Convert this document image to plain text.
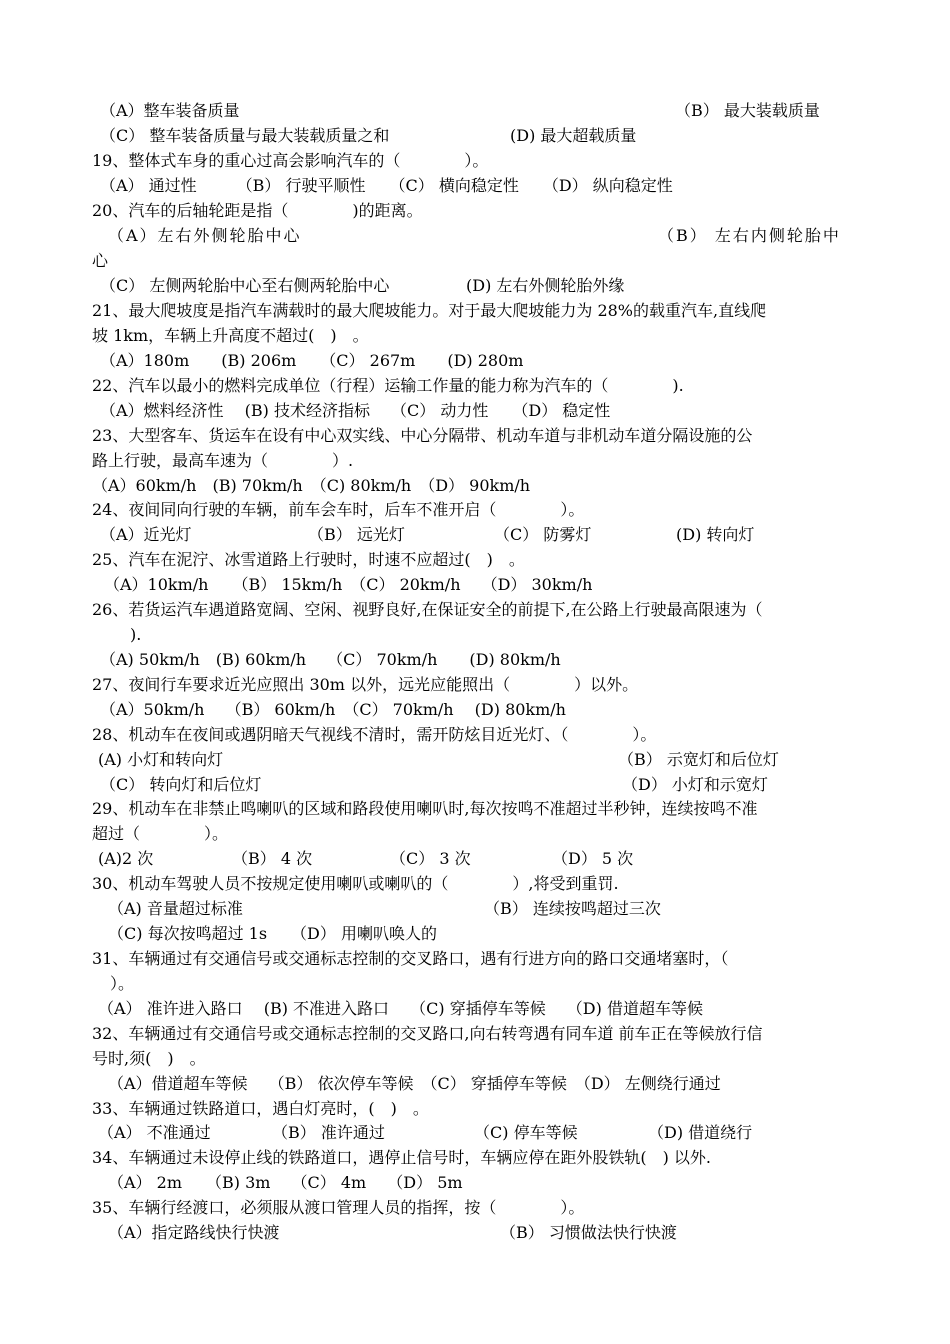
（A）整车装备质量	（B） 最大装载质量
（C） 整车装备质量与最大装载质量之和	(D) 最大超载质量
19、整体式车身的重心过高会影响汽车的（　　　　）。
（A） 通过性　　　（B） 行驶平顺性　　（C） 横向稳定性　　（D） 纵向稳定性
20、汽车的后轴轮距是指（　　　　)的距离。
（A）左右外侧轮胎中心	（B） 左右内侧轮胎中
心
（C） 左侧两轮胎中心至右侧两轮胎中心	(D) 左右外侧轮胎外缘
21、最大爬坡度是指汽车满载时的最大爬坡能力。对于最大爬坡能力为 28%的载重汽车,直线爬
坡 1km，车辆上升高度不超过(　)　。
（A）180m　　(B) 206m　　（C） 267m　　(D) 280m
22、汽车以最小的燃料完成单位（行程）运输工作量的能力称为汽车的（　　　　).
（A）燃料经济性　 (B) 技术经济指标　 （C） 动力性　　（D） 稳定性
23、大型客车、货运车在设有中心双实线、中心分隔带、机动车道与非机动车道分隔设施的公
路上行驶，最高车速为（　　　　）.
（A）60km/h　(B) 70km/h　（C) 80km/h　（D） 90km/h
24、夜间同向行驶的车辆，前车会车时，后车不准开启（　　　　）。
（A）近光灯	（B） 远光灯	（C） 防雾灯	(D) 转向灯
25、汽车在泥泞、冰雪道路上行驶时，时速不应超过(　)　。
（A）10km/h　　（B） 15km/h　（C） 20km/h　 （D） 30km/h
26、若货运汽车遇道路宽阔、空闲、视野良好,在保证安全的前提下,在公路上行驶最高限速为（
).
（A) 50km/h　(B) 60km/h　 （C） 70km/h　　(D) 80km/h
27、夜间行车要求近光应照出 30m 以外，远光应能照出（　　　　）以外。
（A）50km/h　 （B） 60km/h　（C） 70km/h　 (D) 80km/h
28、机动车在夜间或遇阴暗天气视线不清时，需开防炫目近光灯、（　　　　）。
(A) 小灯和转向灯	（B） 示宽灯和后位灯
（C） 转向灯和后位灯	（D） 小灯和示宽灯
29、机动车在非禁止鸣喇叭的区域和路段使用喇叭时,每次按鸣不准超过半秒钟，连续按鸣不准
超过（　　　　）。
(A)2 次	（B） 4 次	（C） 3 次	（D） 5 次
30、机动车驾驶人员不按规定使用喇叭或喇叭的（　　　　）,将受到重罚.
（A) 音量超过标准	（B） 连续按鸣超过三次
（C) 每次按鸣超过 1s　　（D） 用喇叭唤人的
31、车辆通过有交通信号或交通标志控制的交叉路口，遇有行进方向的路口交通堵塞时，（
）。
（A） 准许进入路口　 (B) 不准进入路口　 （C) 穿插停车等候　 （D) 借道超车等候
32、车辆通过有交通信号或交通标志控制的交叉路口,向右转弯遇有同车道 前车正在等候放行信
号时,须(　)　。
（A）借道超车等候　 （B） 依次停车等候　（C） 穿插停车等候　（D） 左侧绕行通过
33、车辆通过铁路道口，遇白灯亮时，(　)　。
（A） 不准通过	（B） 准许通过	（C) 停车等候	（D) 借道绕行
34、车辆通过未设停止线的铁路道口，遇停止信号时，车辆应停在距外股铁轨(　) 以外.
（A） 2m　　（B) 3m　 （C） 4m　 （D） 5m
35、车辆行经渡口，必须服从渡口管理人员的指挥，按（　　　　）。
（A）指定路线快行快渡	（B） 习惯做法快行快渡
